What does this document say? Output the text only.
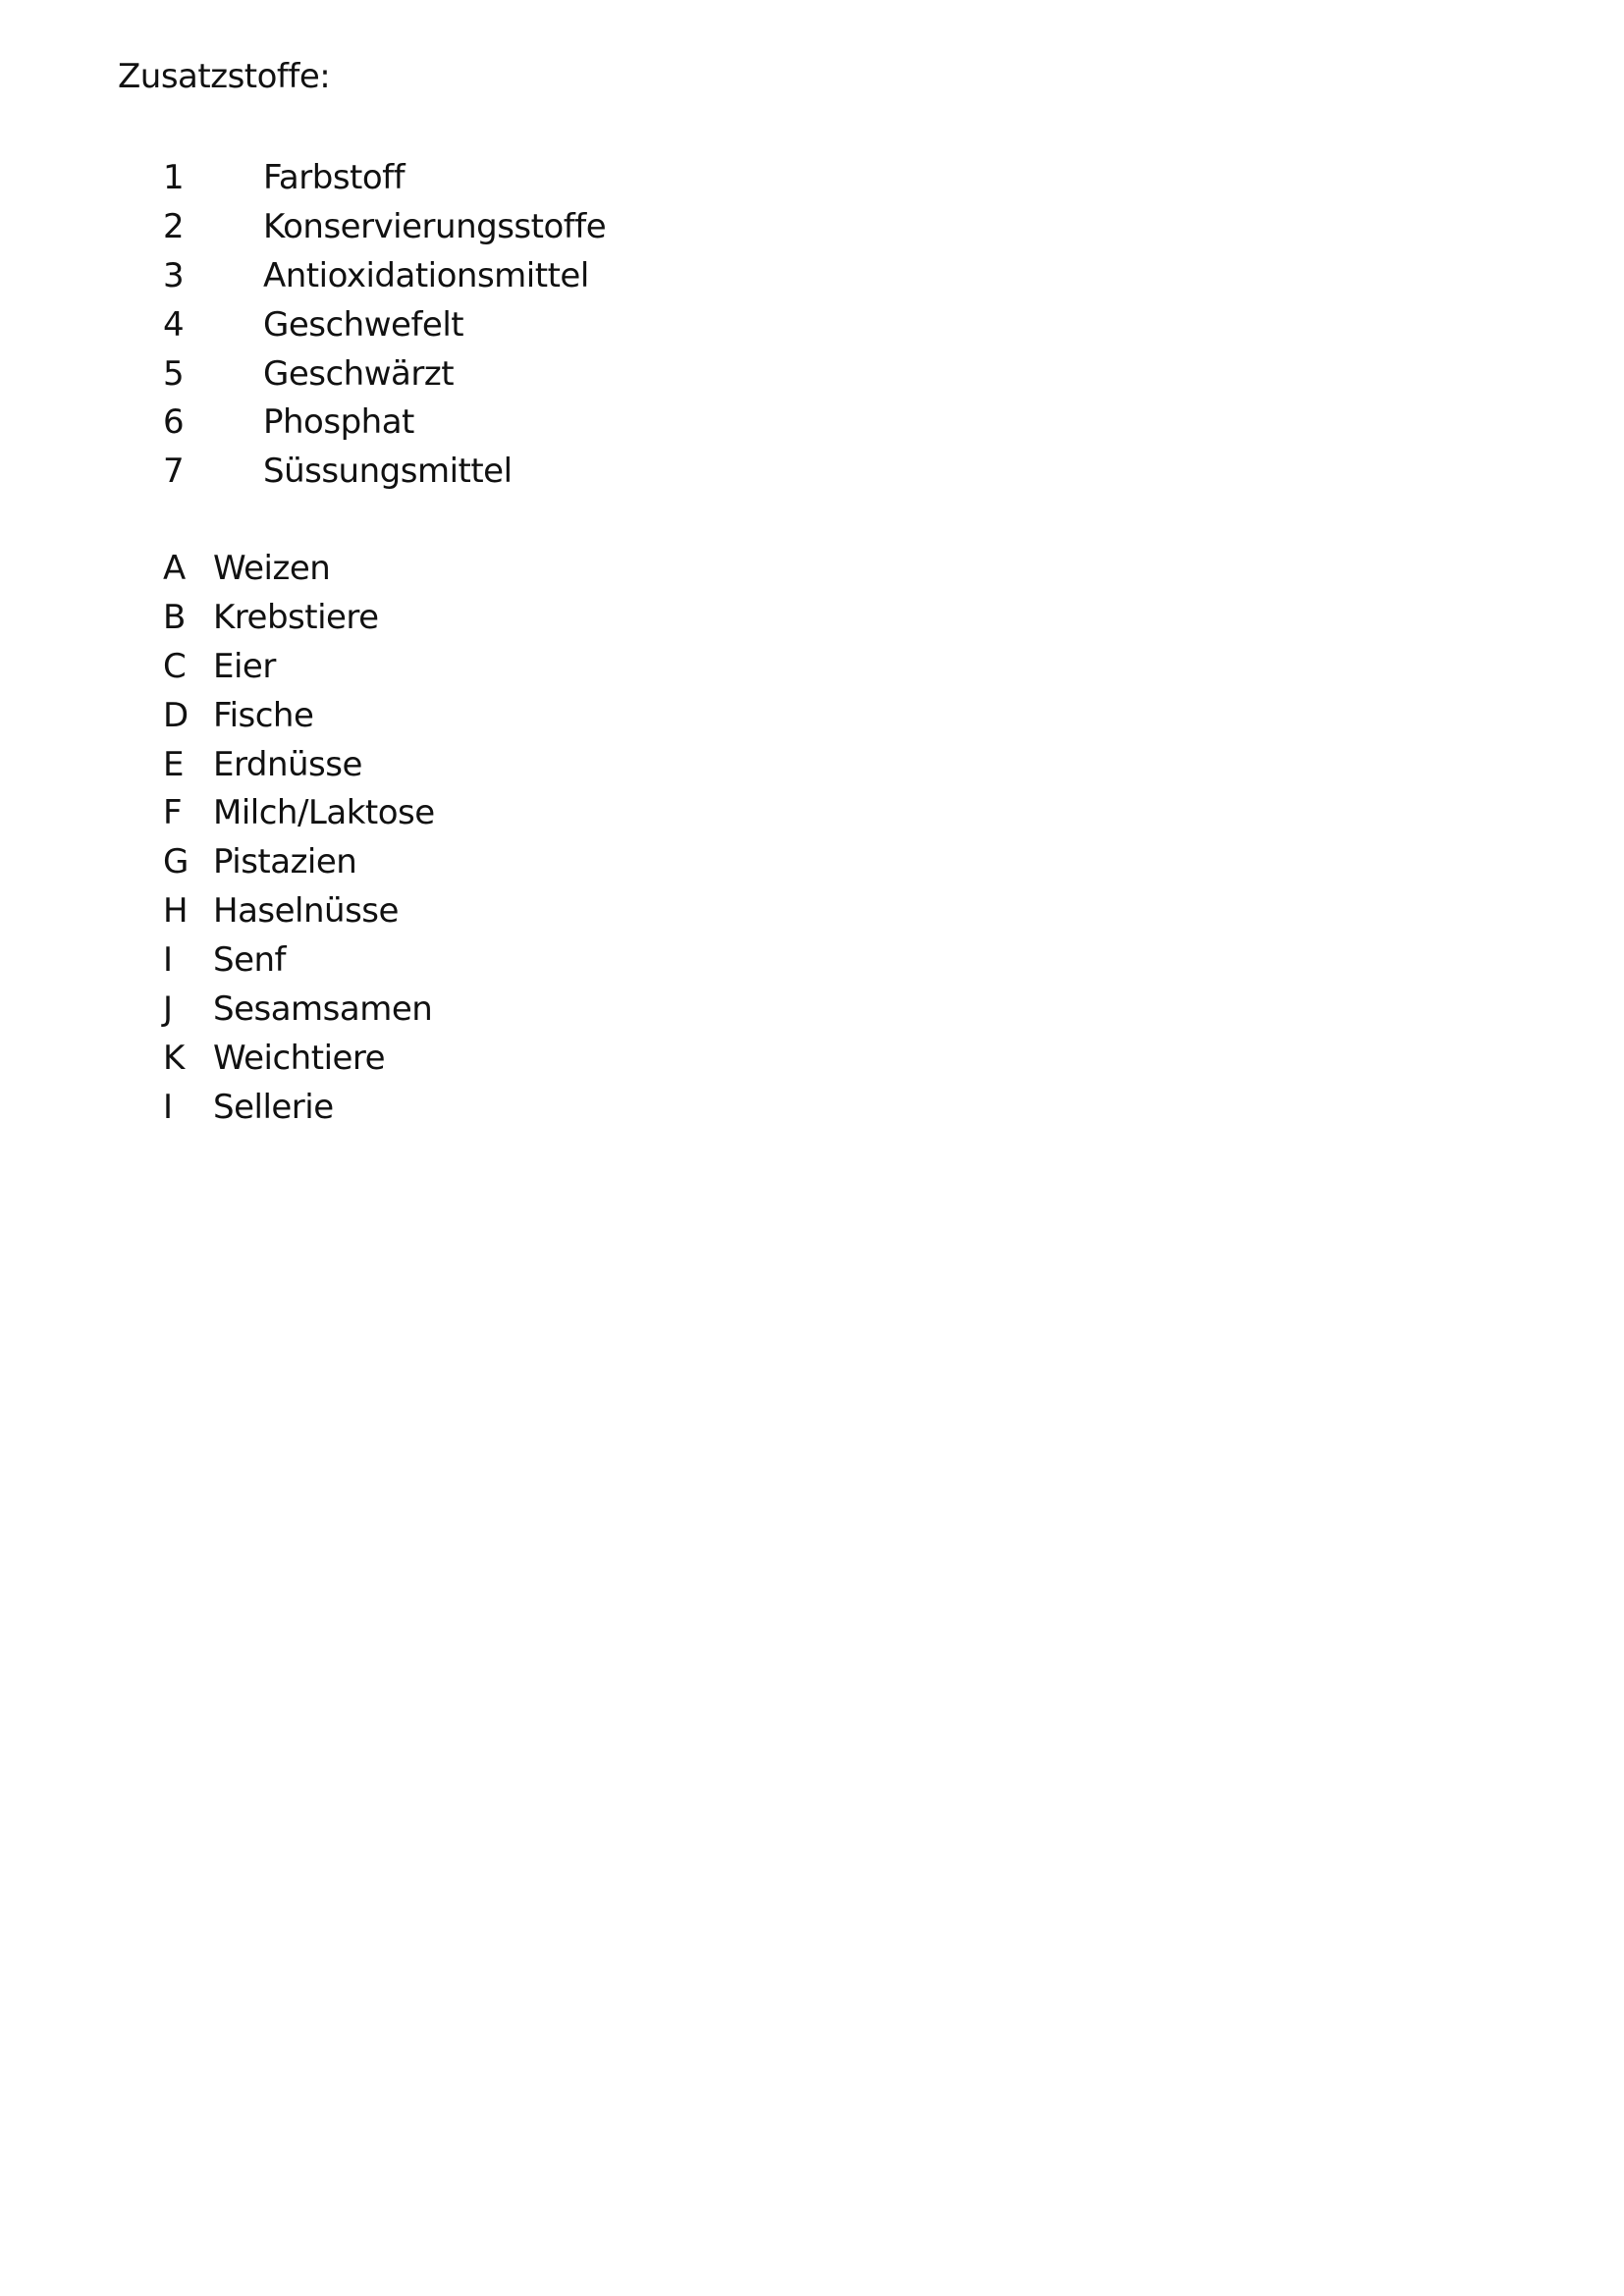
Zusatzstoffe:
1 Farbstoff
2 Konservierungsstoffe
3 Antioxidationsmittel
4 Geschwefelt
5 Geschwärzt
6 Phosphat
7 Süssungsmittel
A Weizen
B Krebstiere
C Eier
D Fische
E Erdnüsse
F Milch/Laktose
G Pistazien
H Haselnüsse
I Senf
J Sesamsamen
K Weichtiere
I Sellerie
